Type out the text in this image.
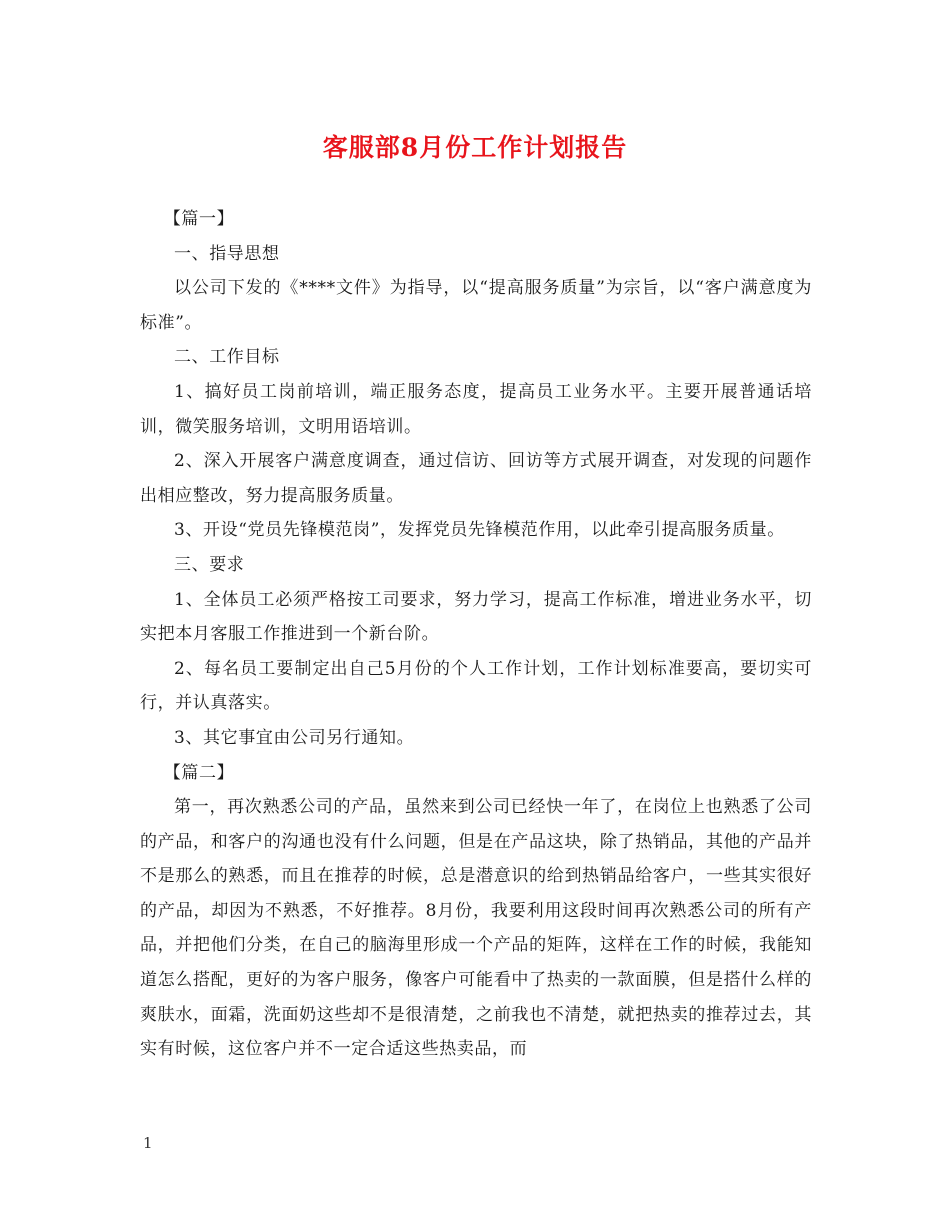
客服部8月份工作计划报告

【篇一】

一、指导思想

以公司下发的《****文件》为指导，以“提高服务质量”为宗旨，以“客户满意度为标准”。

二、工作目标

1、搞好员工岗前培训，端正服务态度，提高员工业务水平。主要开展普通话培训，微笑服务培训，文明用语培训。

2、深入开展客户满意度调查，通过信访、回访等方式展开调查，对发现的问题作出相应整改，努力提高服务质量。

3、开设“党员先锋模范岗”，发挥党员先锋模范作用，以此牵引提高服务质量。

三、要求

1、全体员工必须严格按工司要求，努力学习，提高工作标准，增进业务水平，切实把本月客服工作推进到一个新台阶。

2、每名员工要制定出自己5月份的个人工作计划，工作计划标准要高，要切实可行，并认真落实。

3、其它事宜由公司另行通知。

【篇二】

第一，再次熟悉公司的产品，虽然来到公司已经快一年了，在岗位上也熟悉了公司的产品，和客户的沟通也没有什么问题，但是在产品这块，除了热销品，其他的产品并不是那么的熟悉，而且在推荐的时候，总是潜意识的给到热销品给客户，一些其实很好的产品，却因为不熟悉，不好推荐。8月份，我要利用这段时间再次熟悉公司的所有产品，并把他们分类，在自己的脑海里形成一个产品的矩阵，这样在工作的时候，我能知道怎么搭配，更好的为客户服务，像客户可能看中了热卖的一款面膜，但是搭什么样的爽肤水，面霜，洗面奶这些却不是很清楚，之前我也不清楚，就把热卖的推荐过去，其实有时候，这位客户并不一定合适这些热卖品，而

1
